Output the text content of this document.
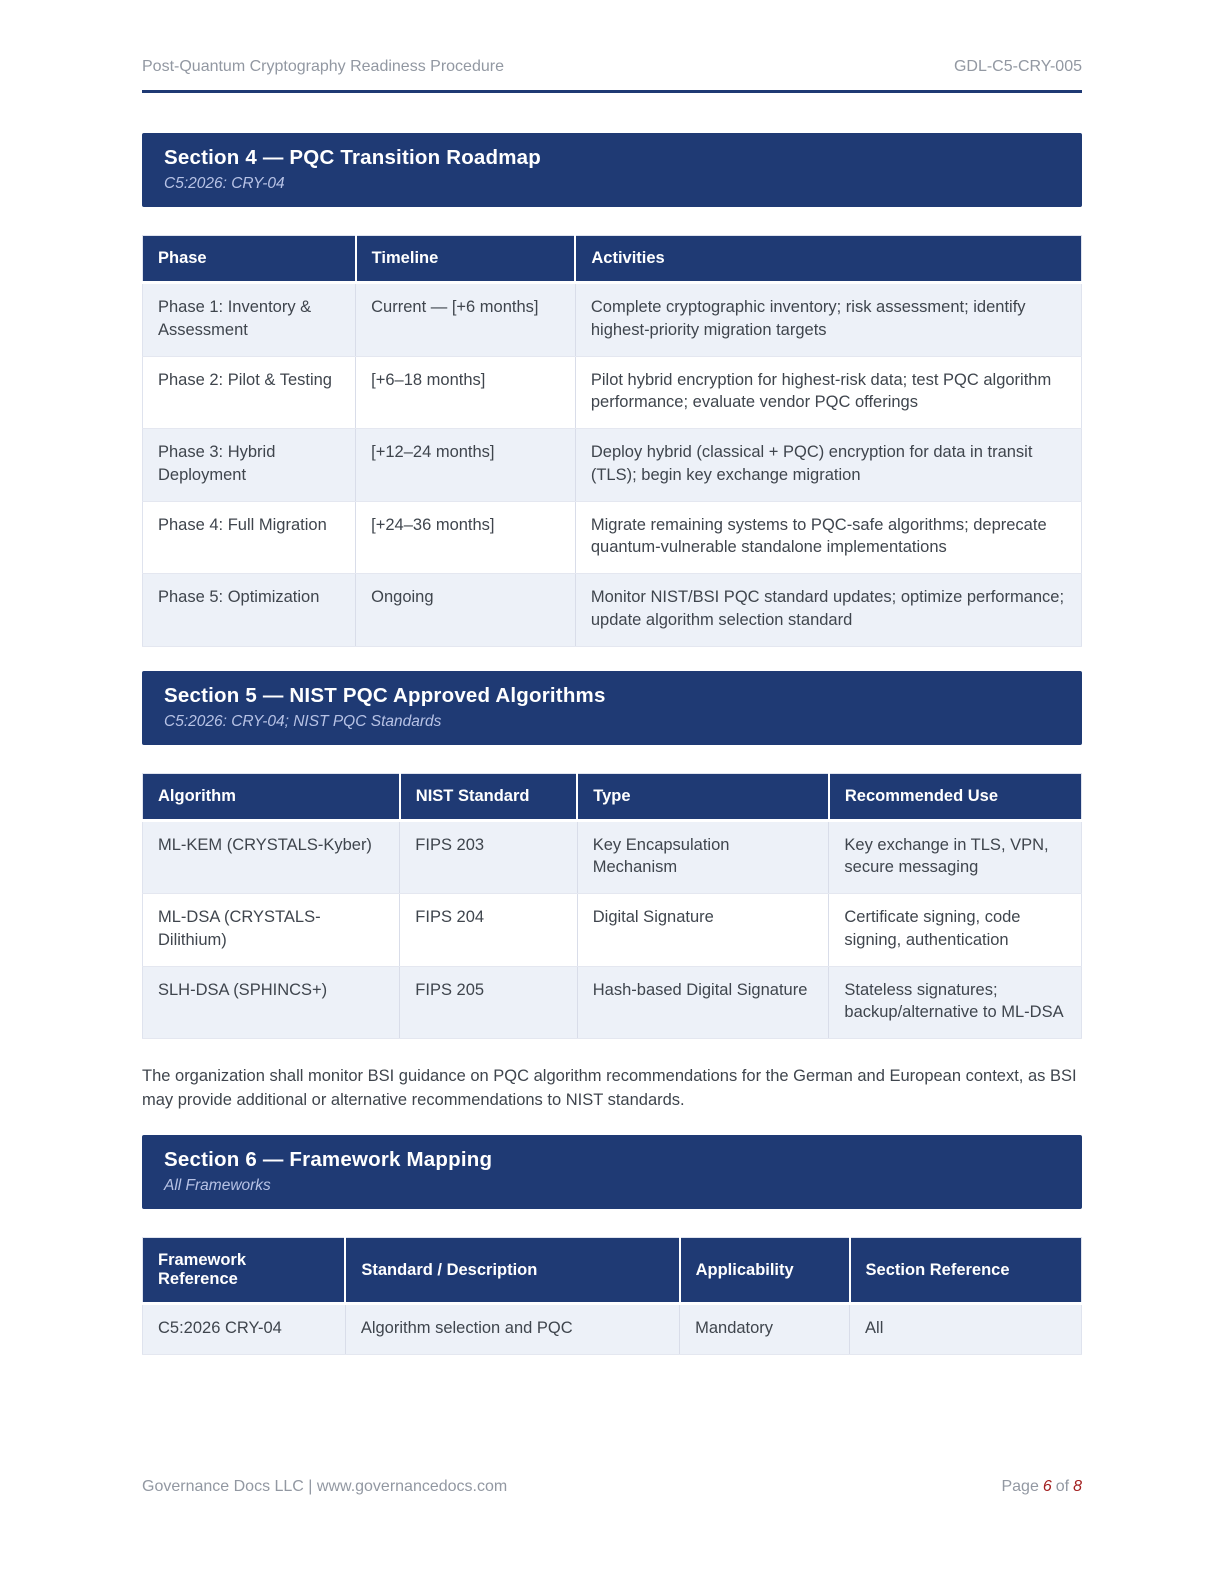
Post-Quantum Cryptography Readiness Procedure	GDL-C5-CRY-005
Section 4 — PQC Transition Roadmap
C5:2026: CRY-04
Phase	Timeline	Activities
Phase 1: Inventory & Assessment	Current — [+6 months]	Complete cryptographic inventory; risk assessment; identify highest-priority migration targets
Phase 2: Pilot & Testing	[+6–18 months]	Pilot hybrid encryption for highest-risk data; test PQC algorithm performance; evaluate vendor PQC offerings
Phase 3: Hybrid Deployment	[+12–24 months]	Deploy hybrid (classical + PQC) encryption for data in transit (TLS); begin key exchange migration
Phase 4: Full Migration	[+24–36 months]	Migrate remaining systems to PQC-safe algorithms; deprecate quantum-vulnerable standalone implementations
Phase 5: Optimization	Ongoing	Monitor NIST/BSI PQC standard updates; optimize performance; update algorithm selection standard
Section 5 — NIST PQC Approved Algorithms
C5:2026: CRY-04; NIST PQC Standards
Algorithm	NIST Standard	Type	Recommended Use
ML-KEM (CRYSTALS-Kyber)	FIPS 203	Key Encapsulation Mechanism	Key exchange in TLS, VPN, secure messaging
ML-DSA (CRYSTALS-Dilithium)	FIPS 204	Digital Signature	Certificate signing, code signing, authentication
SLH-DSA (SPHINCS+)	FIPS 205	Hash-based Digital Signature	Stateless signatures; backup/alternative to ML-DSA

The organization shall monitor BSI guidance on PQC algorithm recommendations for the German and European context, as BSI may provide additional or alternative recommendations to NIST standards.

Section 6 — Framework Mapping
All Frameworks
Framework Reference	Standard / Description	Applicability	Section Reference
C5:2026 CRY-04	Algorithm selection and PQC	Mandatory	All
Governance Docs LLC | www.governancedocs.com	Page 6 of 8
